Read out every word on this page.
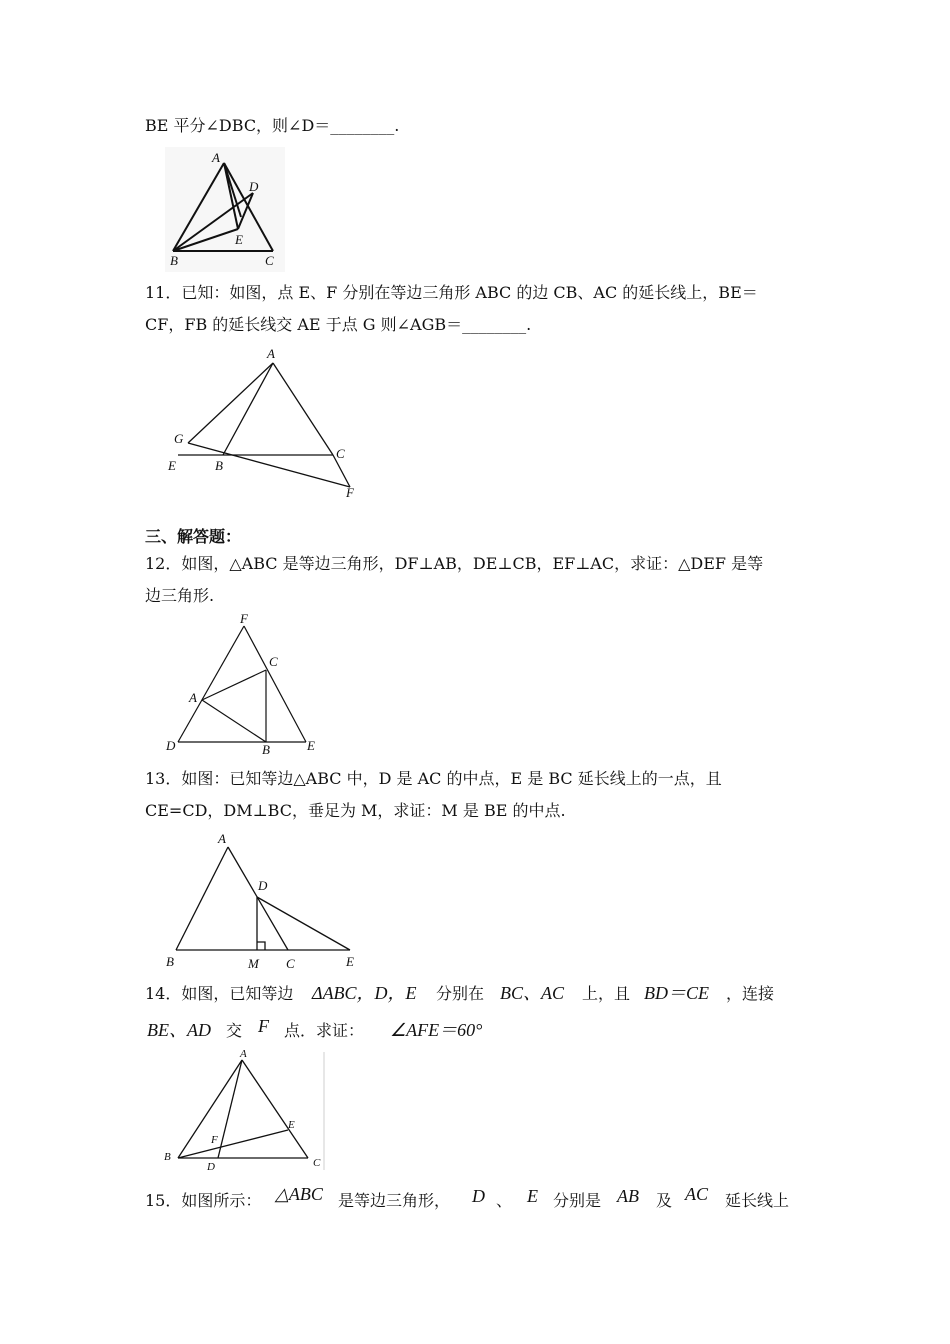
BE 平分∠DBC，则∠D＝________.
A
D
E
B	C
11．已知：如图，点 E、F 分别在等边三角形 ABC 的边 CB、AC 的延长线上，BE＝
CF，FB 的延长线交 AE 于点 G 则∠AGB＝________.
A
G
C
E	B
F
三、解答题：
12．如图，△ABC 是等边三角形，DF⊥AB，DE⊥CB，EF⊥AC，求证：△DEF 是等
边三角形.
F
C
A
D	B	E
13．如图：已知等边△ABC 中，D 是 AC 的中点，E 是 BC 延长线上的一点，且
CE=CD，DM⊥BC，垂足为 M，求证：M 是 BE 的中点.
A
D
B	M C	E
14．如图，已知等边 ΔABC，D，E 分别在 BC、AC 上，且 BD＝CE ，连接
BE、AD 交 F 点．求证： ∠AFE＝60°
A
E
F
B
D	C
15．如图所示： △ABC 是等边三角形， D 、 E 分别是 AB 及 AC 延长线上
